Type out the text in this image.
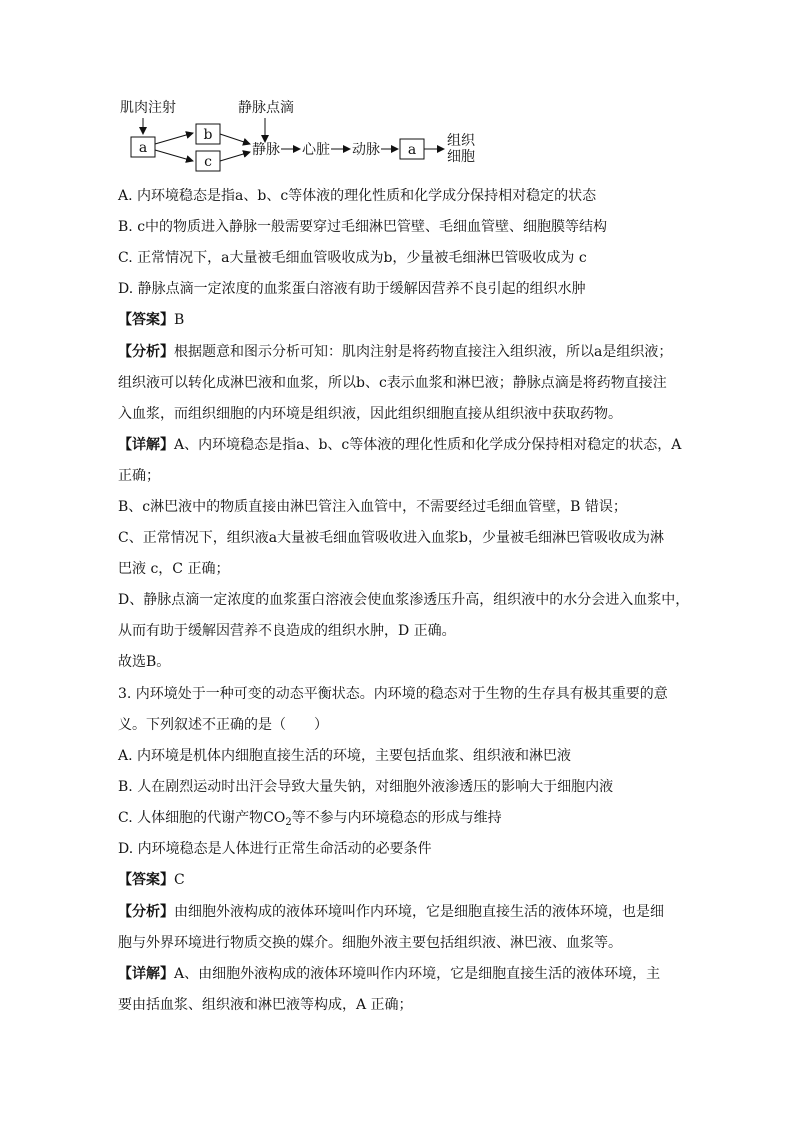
肌肉注射	静脉点滴
a
b
c
静脉 心脏 动脉 a
组织
细胞
A. 内环境稳态是指a、b、c等体液的理化性质和化学成分保持相对稳定的状态
B. c中的物质进入静脉一般需要穿过毛细淋巴管壁、毛细血管壁、细胞膜等结构
C. 正常情况下，a大量被毛细血管吸收成为b，少量被毛细淋巴管吸收成为 c
D. 静脉点滴一定浓度的血浆蛋白溶液有助于缓解因营养不良引起的组织水肿
【答案】B
【分析】根据题意和图示分析可知：肌肉注射是将药物直接注入组织液，所以a是组织液；
组织液可以转化成淋巴液和血浆，所以b、c表示血浆和淋巴液；静脉点滴是将药物直接注
入血浆，而组织细胞的内环境是组织液，因此组织细胞直接从组织液中获取药物。
【详解】A、内环境稳态是指a、b、c等体液的理化性质和化学成分保持相对稳定的状态，A
正确；
B、c淋巴液中的物质直接由淋巴管注入血管中，不需要经过毛细血管壁，B 错误；
C、正常情况下，组织液a大量被毛细血管吸收进入血浆b，少量被毛细淋巴管吸收成为淋
巴液 c，C 正确；
D、静脉点滴一定浓度的血浆蛋白溶液会使血浆渗透压升高，组织液中的水分会进入血浆中，
从而有助于缓解因营养不良造成的组织水肿，D 正确。
故选B。
3. 内环境处于一种可变的动态平衡状态。内环境的稳态对于生物的生存具有极其重要的意
义。下列叙述不正确的是（　　）
A. 内环境是机体内细胞直接生活的环境，主要包括血浆、组织液和淋巴液
B. 人在剧烈运动时出汗会导致大量失钠，对细胞外液渗透压的影响大于细胞内液
C. 人体细胞的代谢产物$CO_2$等不参与内环境稳态的形成与维持
D. 内环境稳态是人体进行正常生命活动的必要条件
【答案】C
【分析】由细胞外液构成的液体环境叫作内环境，它是细胞直接生活的液体环境，也是细
胞与外界环境进行物质交换的媒介。细胞外液主要包括组织液、淋巴液、血浆等。
【详解】A、由细胞外液构成的液体环境叫作内环境，它是细胞直接生活的液体环境，主
要由括血浆、组织液和淋巴液等构成，A 正确；
